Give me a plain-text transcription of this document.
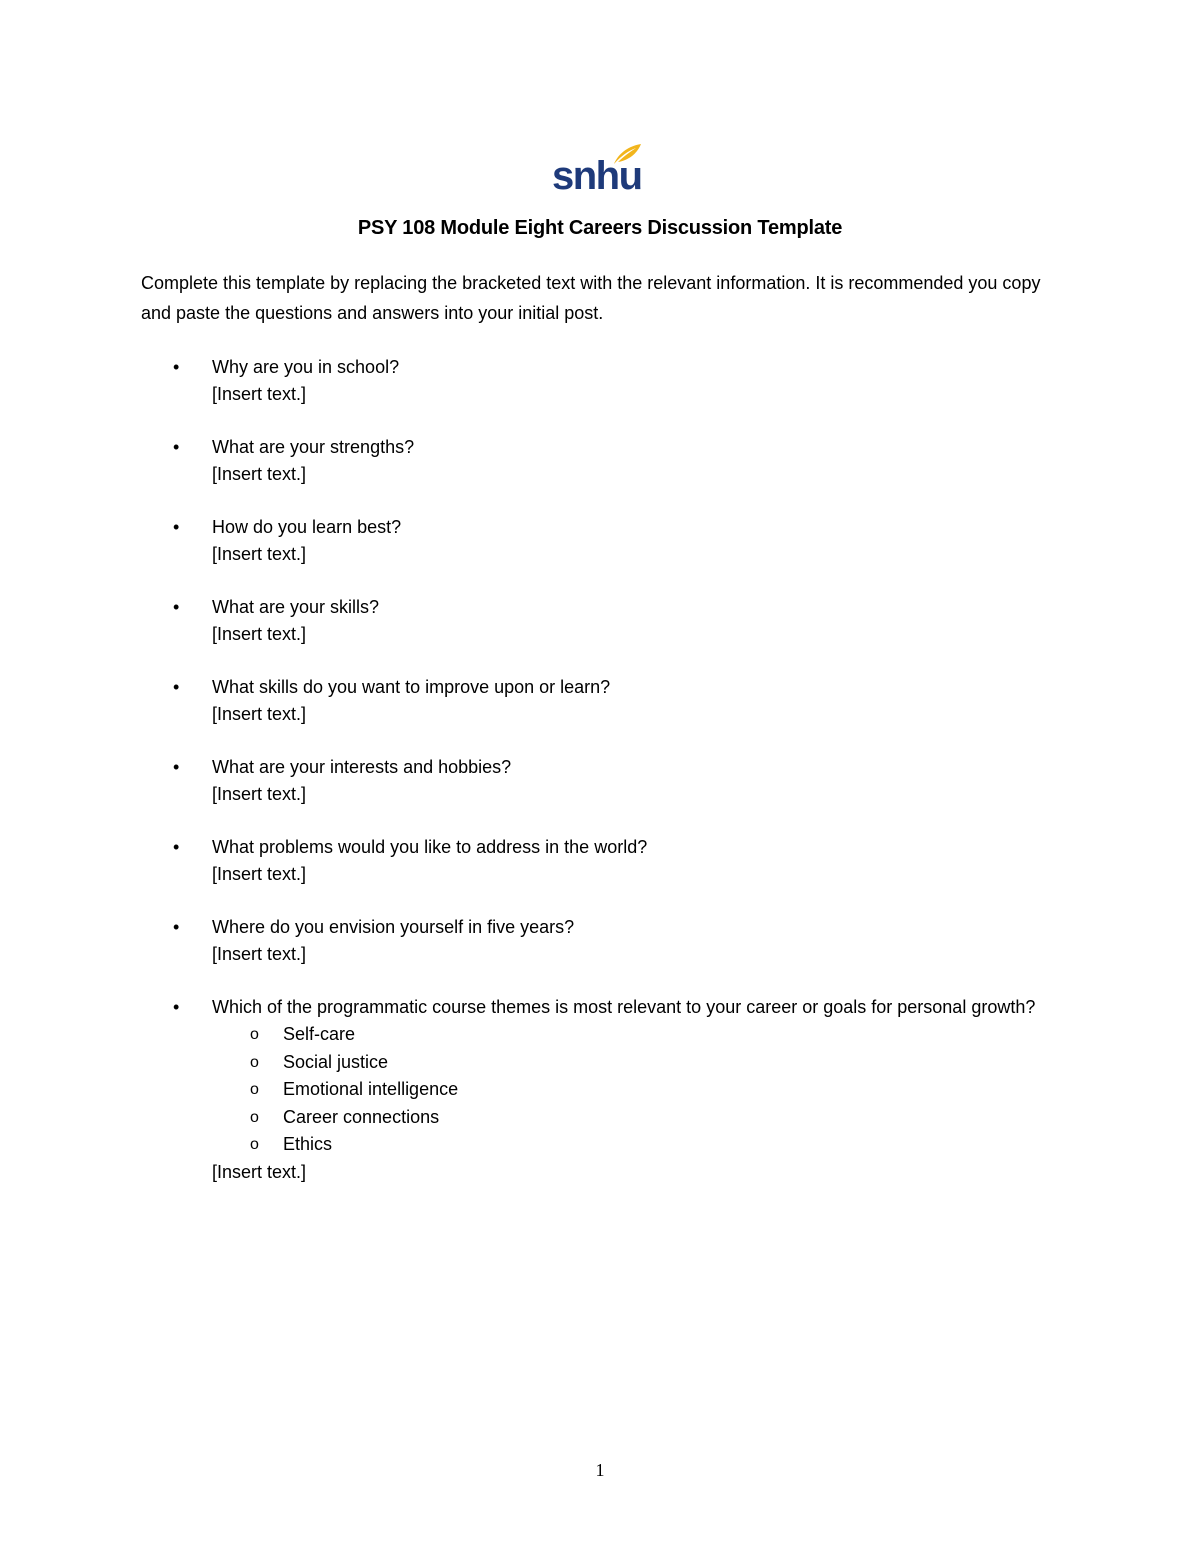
snhu
PSY 108 Module Eight Careers Discussion Template
Complete this template by replacing the bracketed text with the relevant information. It is recommended you copy and paste the questions and answers into your initial post.
• Why are you in school?
[Insert text.]
• What are your strengths?
[Insert text.]
• How do you learn best?
[Insert text.]
• What are your skills?
[Insert text.]
• What skills do you want to improve upon or learn?
[Insert text.]
• What are your interests and hobbies?
[Insert text.]
• What problems would you like to address in the world?
[Insert text.]
• Where do you envision yourself in five years?
[Insert text.]
• Which of the programmatic course themes is most relevant to your career or goals for personal growth?
o Self-care
o Social justice
o Emotional intelligence
o Career connections
o Ethics
[Insert text.]
1
